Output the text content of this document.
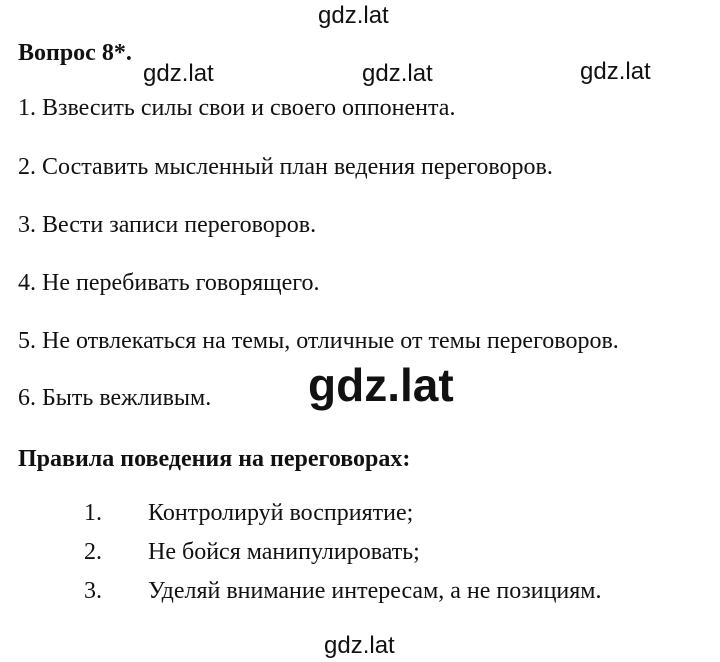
gdz.lat
gdz.lat	gdz.lat	gdz.lat
gdz.lat
gdz.lat
Вопрос 8*.
1. Взвесить силы свои и своего оппонента.
2. Составить мысленный план ведения переговоров.
3. Вести записи переговоров.
4. Не перебивать говорящего.
5. Не отвлекаться на темы, отличные от темы переговоров.
6. Быть вежливым.
Правила поведения на переговорах:
1. Контролируй восприятие;
2. Не бойся манипулировать;
3. Уделяй внимание интересам, а не позициям.
